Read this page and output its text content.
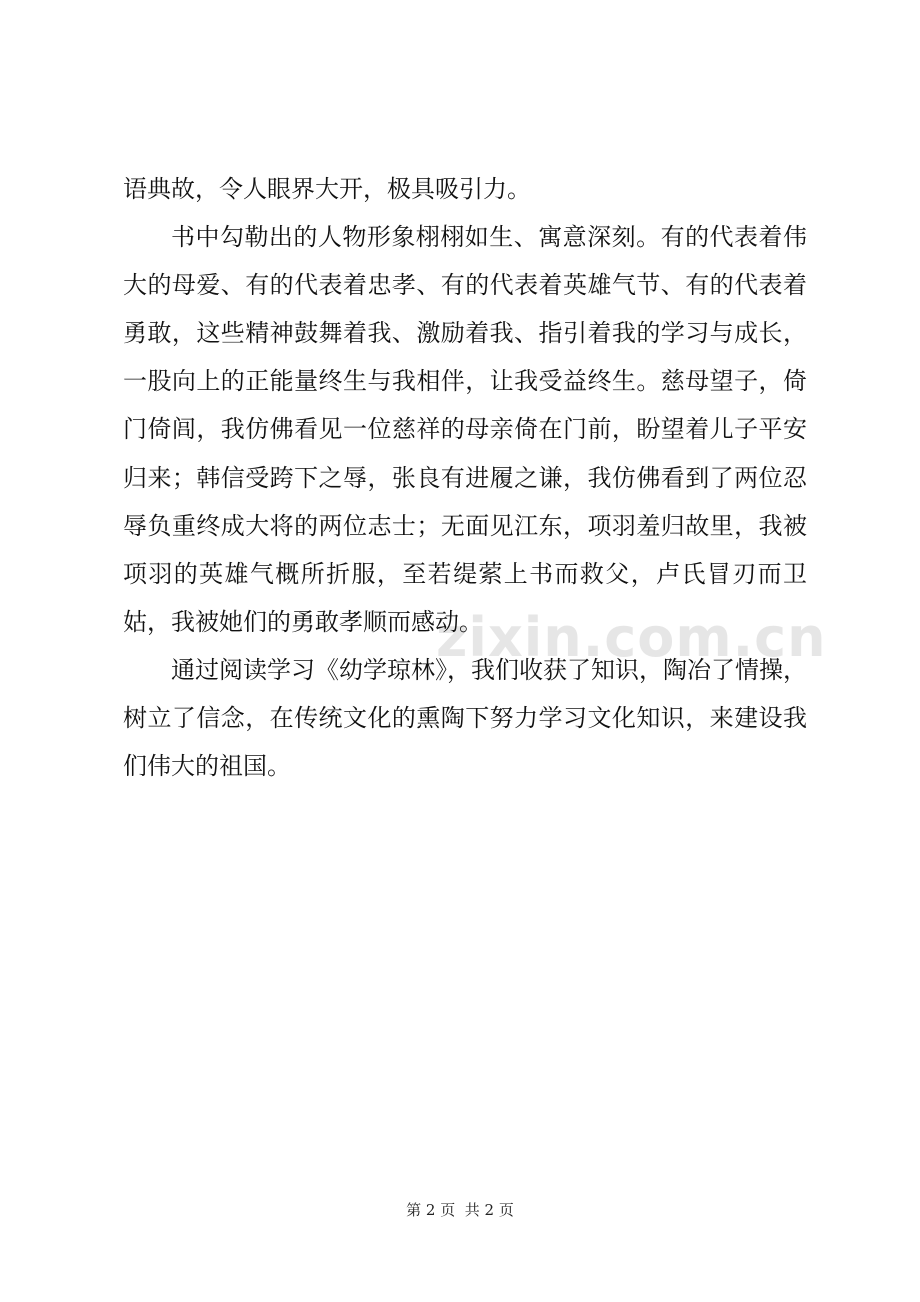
zixin.com.cn

语典故，令人眼界大开，极具吸引力。

书中勾勒出的人物形象栩栩如生、寓意深刻。有的代表着伟大的母爱、有的代表着忠孝、有的代表着英雄气节、有的代表着勇敢，这些精神鼓舞着我、激励着我、指引着我的学习与成长，一股向上的正能量终生与我相伴，让我受益终生。慈母望子，倚门倚闾，我仿佛看见一位慈祥的母亲倚在门前，盼望着儿子平安归来；韩信受跨下之辱，张良有进履之谦，我仿佛看到了两位忍辱负重终成大将的两位志士；无面见江东，项羽羞归故里，我被项羽的英雄气概所折服，至若缇萦上书而救父，卢氏冒刃而卫姑，我被她们的勇敢孝顺而感动。

通过阅读学习《幼学琼林》，我们收获了知识，陶冶了情操，树立了信念，在传统文化的熏陶下努力学习文化知识，来建设我们伟大的祖国。

第 2 页  共 2 页
